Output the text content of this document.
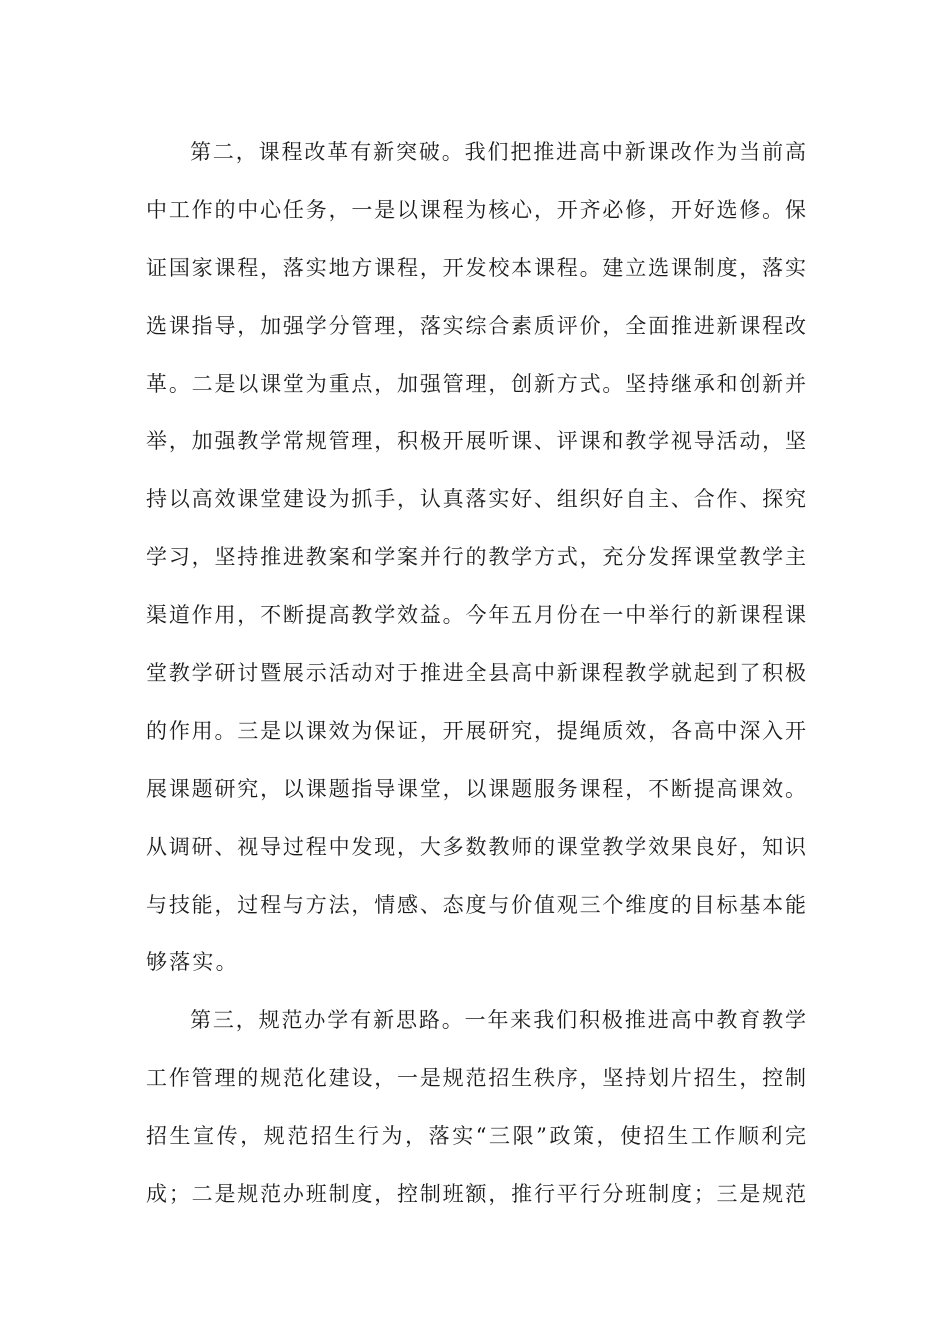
第二，课程改革有新突破。我们把推进高中新课改作为当前高
中工作的中心任务，一是以课程为核心，开齐必修，开好选修。保
证国家课程，落实地方课程，开发校本课程。建立选课制度，落实
选课指导，加强学分管理，落实综合素质评价，全面推进新课程改
革。二是以课堂为重点，加强管理，创新方式。坚持继承和创新并
举，加强教学常规管理，积极开展听课、评课和教学视导活动，坚
持以高效课堂建设为抓手，认真落实好、组织好自主、合作、探究
学习，坚持推进教案和学案并行的教学方式，充分发挥课堂教学主
渠道作用，不断提高教学效益。今年五月份在一中举行的新课程课
堂教学研讨暨展示活动对于推进全县高中新课程教学就起到了积极
的作用。三是以课效为保证，开展研究，提绳质效，各高中深入开
展课题研究，以课题指导课堂，以课题服务课程，不断提高课效。
从调研、视导过程中发现，大多数教师的课堂教学效果良好，知识
与技能，过程与方法，情感、态度与价值观三个维度的目标基本能
够落实。
第三，规范办学有新思路。一年来我们积极推进高中教育教学
工作管理的规范化建设，一是规范招生秩序，坚持划片招生，控制
招生宣传，规范招生行为，落实“三限”政策，使招生工作顺利完
成；二是规范办班制度，控制班额，推行平行分班制度；三是规范
